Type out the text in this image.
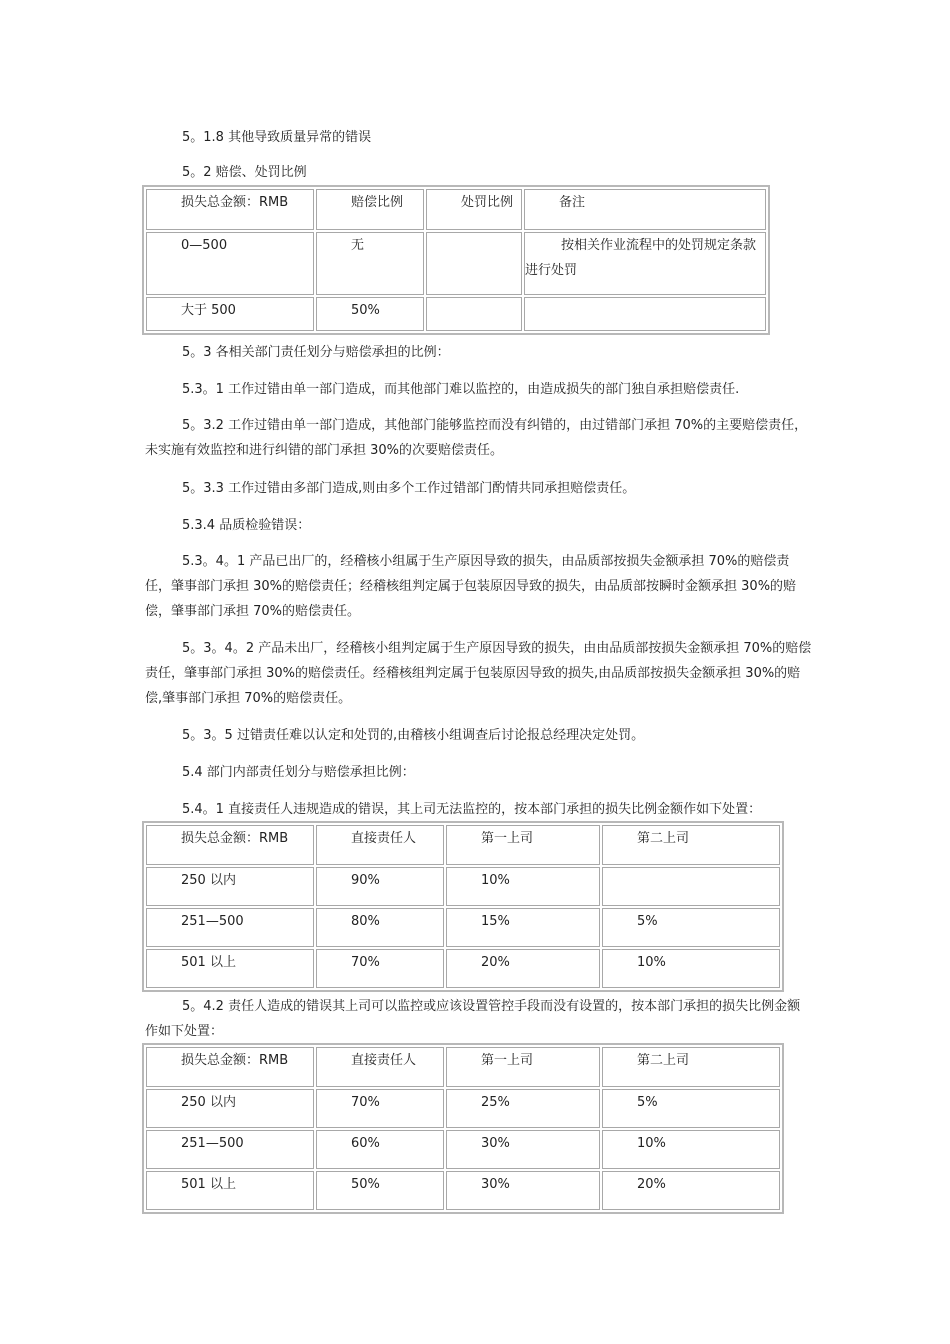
5。1.8 其他导致质量异常的错误

5。2 赔偿、处罚比例

损失总金额：RMB	赔偿比例	处罚比例	备注
0—500	无		按相关作业流程中的处罚规定条款进行处罚
大于 500	50%		

5。3 各相关部门责任划分与赔偿承担的比例：

5.3。1 工作过错由单一部门造成，而其他部门难以监控的，由造成损失的部门独自承担赔偿责任.

5。3.2 工作过错由单一部门造成，其他部门能够监控而没有纠错的，由过错部门承担 70%的主要赔偿责任，未实施有效监控和进行纠错的部门承担 30%的次要赔偿责任。

5。3.3 工作过错由多部门造成,则由多个工作过错部门酌情共同承担赔偿责任。

5.3.4 品质检验错误：

5.3。4。1 产品已出厂的，经稽核小组属于生产原因导致的损失，由品质部按损失金额承担 70%的赔偿责任，肇事部门承担 30%的赔偿责任；经稽核组判定属于包装原因导致的损失，由品质部按瞬时金额承担 30%的赔偿，肇事部门承担 70%的赔偿责任。

5。3。4。2 产品未出厂，经稽核小组判定属于生产原因导致的损失，由由品质部按损失金额承担 70%的赔偿责任，肇事部门承担 30%的赔偿责任。经稽核组判定属于包装原因导致的损失,由品质部按损失金额承担 30%的赔偿,肇事部门承担 70%的赔偿责任。

5。3。5 过错责任难以认定和处罚的,由稽核小组调查后讨论报总经理决定处罚。

5.4 部门内部责任划分与赔偿承担比例：

5.4。1 直接责任人违规造成的错误，其上司无法监控的，按本部门承担的损失比例金额作如下处置：

损失总金额：RMB	直接责任人	第一上司	第二上司
250 以内	90%	10%	
251—500	80%	15%	5%
501 以上	70%	20%	10%

5。4.2 责任人造成的错误其上司可以监控或应该设置管控手段而没有设置的，按本部门承担的损失比例金额作如下处置：

损失总金额：RMB	直接责任人	第一上司	第二上司
250 以内	70%	25%	5%
251—500	60%	30%	10%
501 以上	50%	30%	20%
